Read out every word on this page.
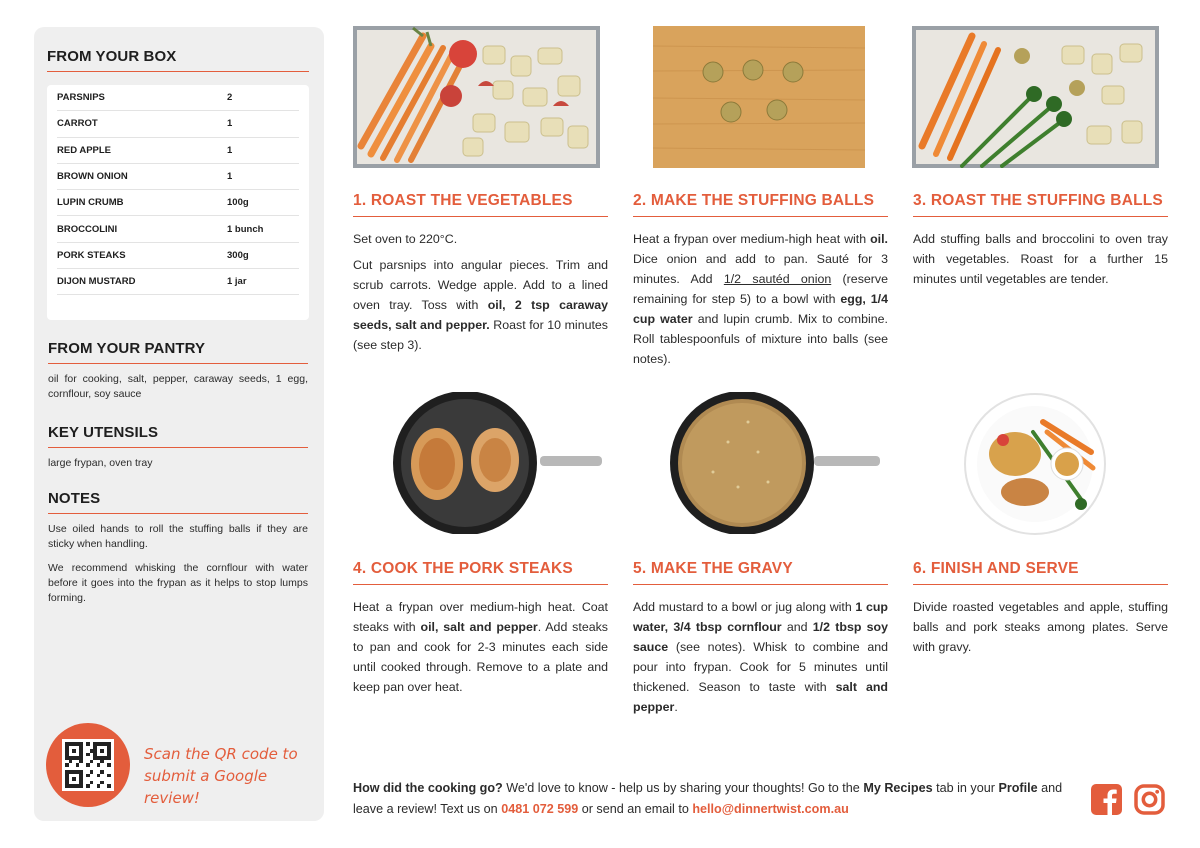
FROM YOUR BOX
PARSNIPS	2
CARROT	1
RED APPLE	1
BROWN ONION	1
LUPIN CRUMB	100g
BROCCOLINI	1 bunch
PORK STEAKS	300g
DIJON MUSTARD	1 jar
FROM YOUR PANTRY
oil for cooking, salt, pepper, caraway seeds, 1 egg, cornflour, soy sauce
KEY UTENSILS
large frypan, oven tray
NOTES
Use oiled hands to roll the stuffing balls if they are sticky when handling.
We recommend whisking the cornflour with water before it goes into the frypan as it helps to stop lumps forming.
Scan the QR code to submit a Google review!
1. ROAST THE VEGETABLES

Set oven to 220°C.

Cut parsnips into angular pieces. Trim and scrub carrots. Wedge apple. Add to a lined oven tray. Toss with oil, 2 tsp caraway seeds, salt and pepper. Roast for 10 minutes (see step 3).

2. MAKE THE STUFFING BALLS

Heat a frypan over medium-high heat with oil. Dice onion and add to pan. Sauté for 3 minutes. Add 1/2 sautéd onion (reserve remaining for step 5) to a bowl with egg, 1/4 cup water and lupin crumb. Mix to combine. Roll tablespoonfuls of mixture into balls (see notes).

3. ROAST THE STUFFING BALLS

Add stuffing balls and broccolini to oven tray with vegetables. Roast for a further 15 minutes until vegetables are tender.

4. COOK THE PORK STEAKS

Heat a frypan over medium-high heat. Coat steaks with oil, salt and pepper. Add steaks to pan and cook for 2-3 minutes each side until cooked through. Remove to a plate and keep pan over heat.

5. MAKE THE GRAVY

Add mustard to a bowl or jug along with 1 cup water, 3/4 tbsp cornflour and 1/2 tbsp soy sauce (see notes). Whisk to combine and pour into frypan. Cook for 5 minutes until thickened. Season to taste with salt and pepper.

6. FINISH AND SERVE

Divide roasted vegetables and apple, stuffing balls and pork steaks among plates. Serve with gravy.

How did the cooking go? We'd love to know - help us by sharing your thoughts! Go to the My Recipes tab in your Profile and leave a review! Text us on 0481 072 599 or send an email to hello@dinnertwist.com.au
